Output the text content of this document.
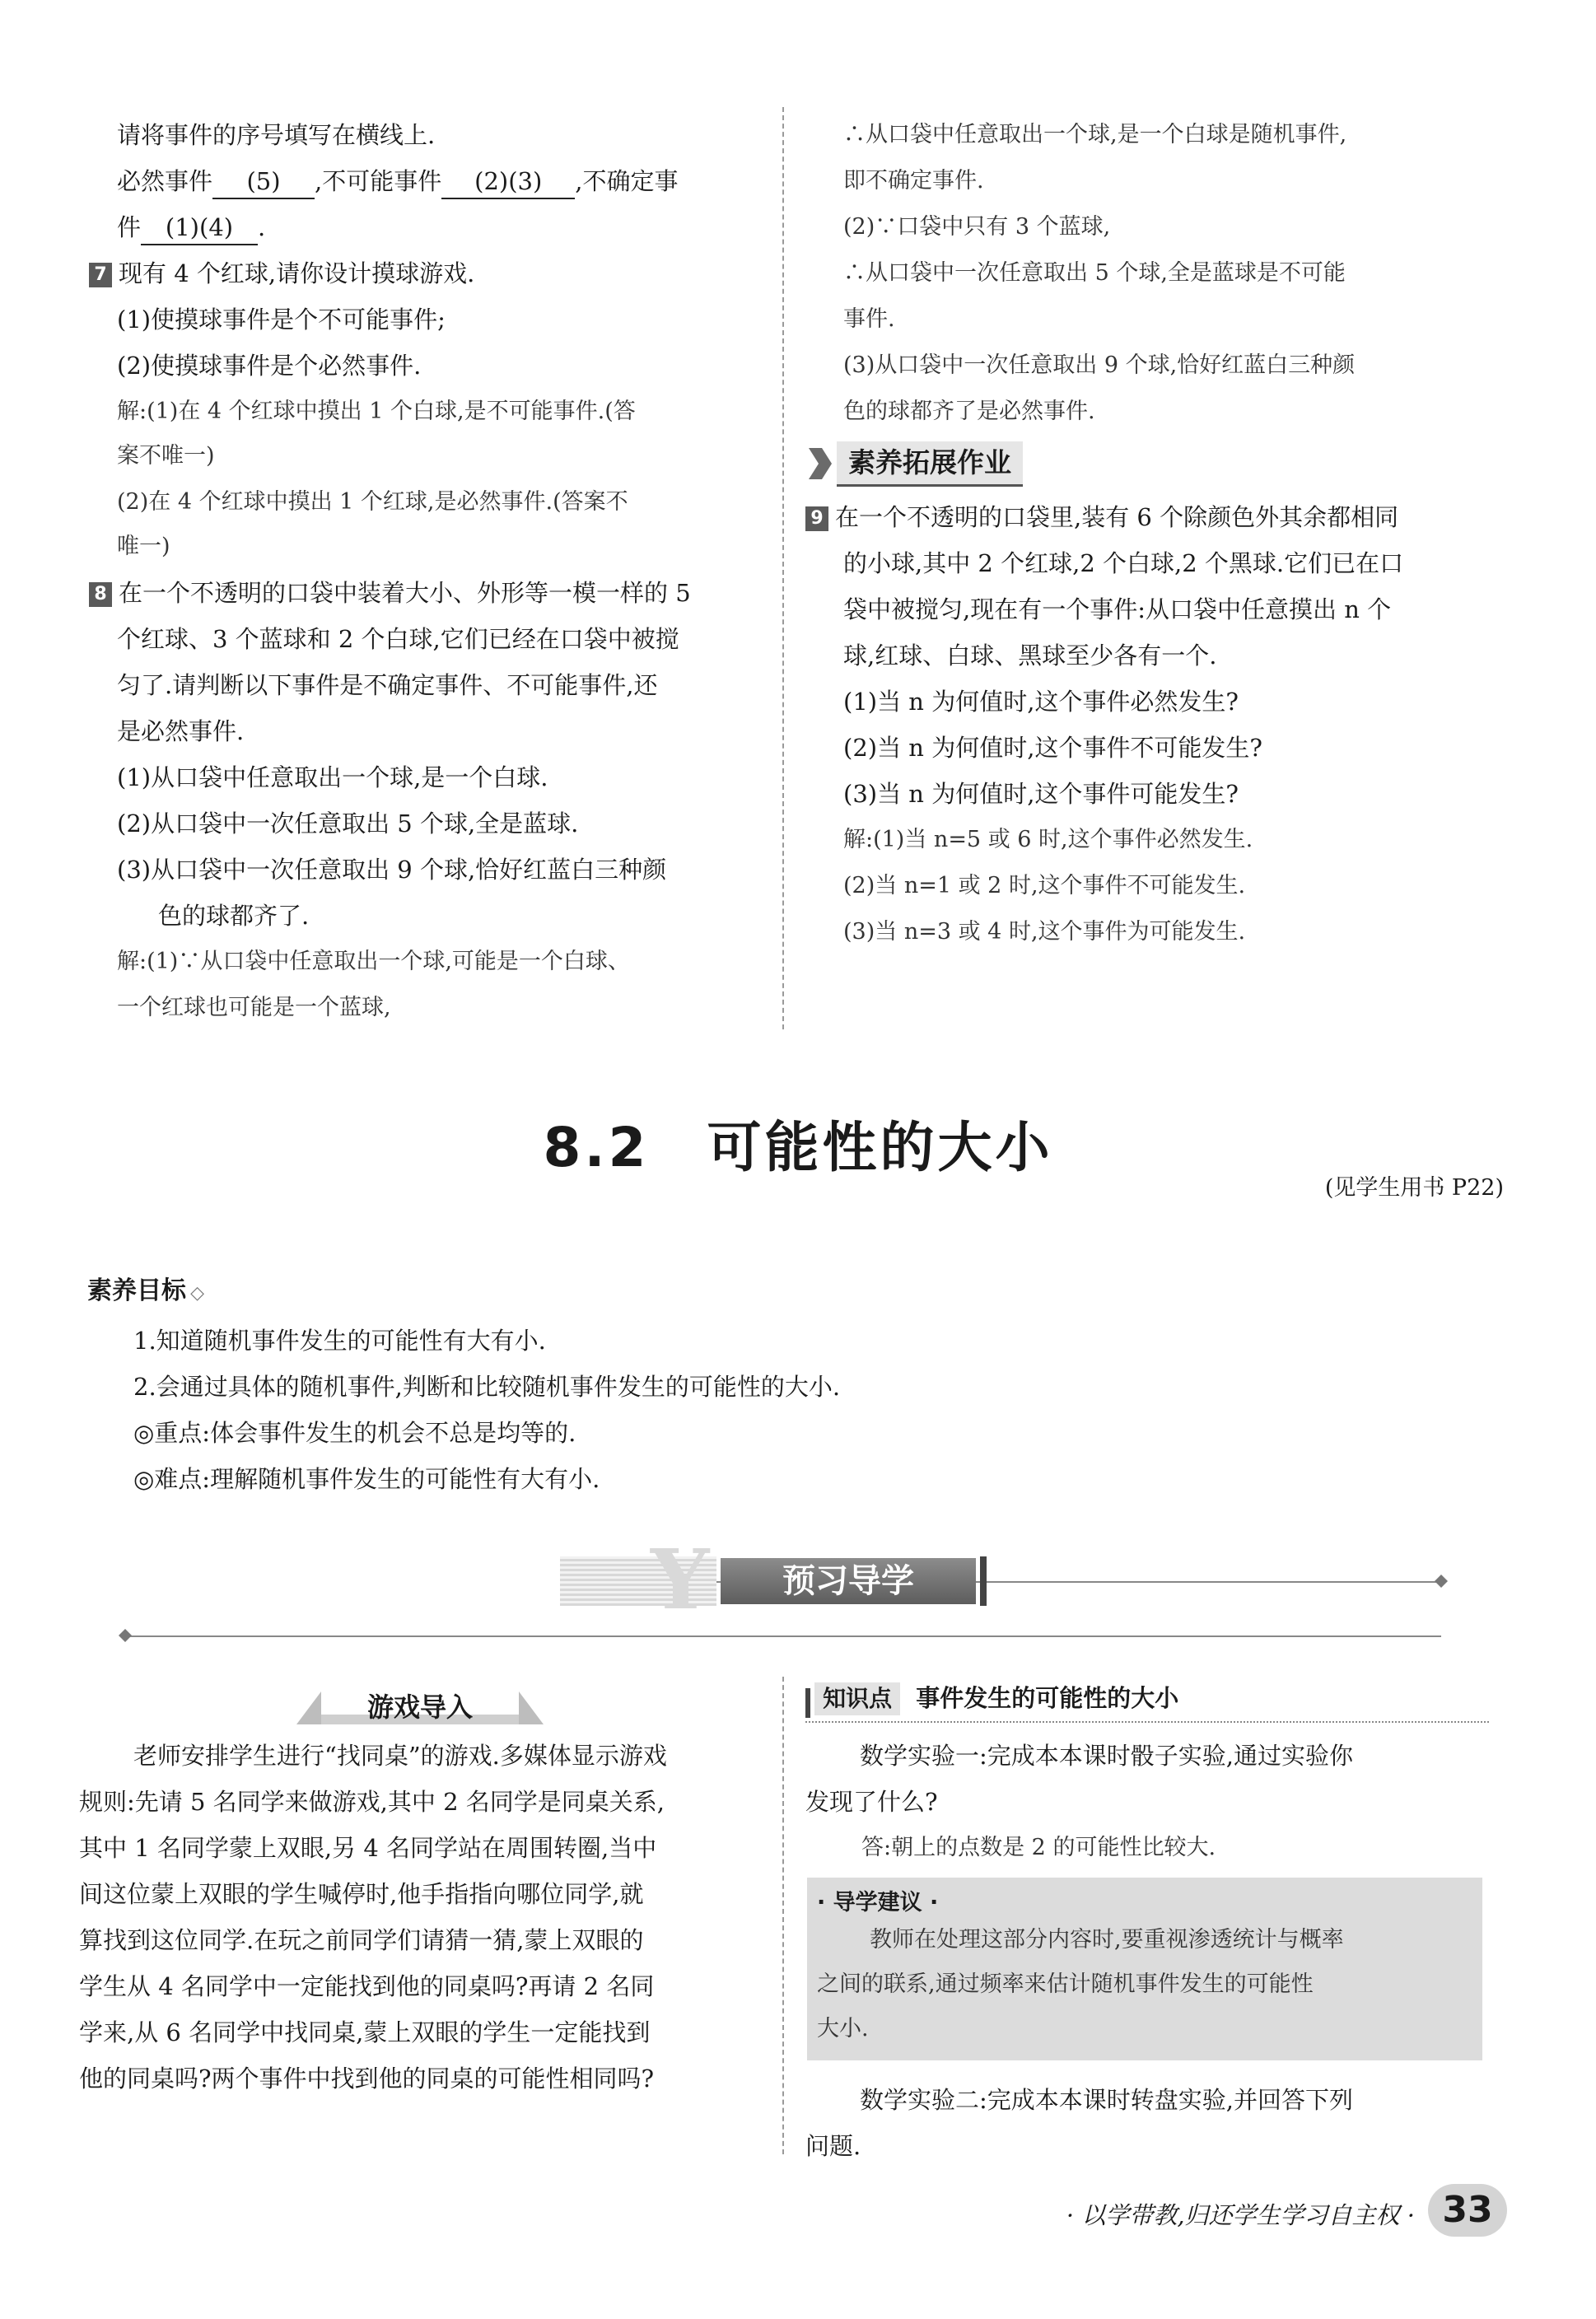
请将事件的序号填写在横线上.
必然事件 (5) ,不可能事件 (2)(3) ,不确定事
件 (1)(4) .
7 现有 4 个红球,请你设计摸球游戏.
(1)使摸球事件是个不可能事件;
(2)使摸球事件是个必然事件.
解:(1)在 4 个红球中摸出 1 个白球,是不可能事件.(答
案不唯一)
(2)在 4 个红球中摸出 1 个红球,是必然事件.(答案不
唯一)
8 在一个不透明的口袋中装着大小、外形等一模一样的 5
个红球、3 个蓝球和 2 个白球,它们已经在口袋中被搅
匀了.请判断以下事件是不确定事件、不可能事件,还
是必然事件.
(1)从口袋中任意取出一个球,是一个白球.
(2)从口袋中一次任意取出 5 个球,全是蓝球.
(3)从口袋中一次任意取出 9 个球,恰好红蓝白三种颜
色的球都齐了.
解:(1)∵从口袋中任意取出一个球,可能是一个白球、
一个红球也可能是一个蓝球,
∴从口袋中任意取出一个球,是一个白球是随机事件,
即不确定事件.
(2)∵口袋中只有 3 个蓝球,
∴从口袋中一次任意取出 5 个球,全是蓝球是不可能
事件.
(3)从口袋中一次任意取出 9 个球,恰好红蓝白三种颜
色的球都齐了是必然事件.
素养拓展作业
9 在一个不透明的口袋里,装有 6 个除颜色外其余都相同
的小球,其中 2 个红球,2 个白球,2 个黑球.它们已在口
袋中被搅匀,现在有一个事件:从口袋中任意摸出 n 个
球,红球、白球、黑球至少各有一个.
(1)当 n 为何值时,这个事件必然发生?
(2)当 n 为何值时,这个事件不可能发生?
(3)当 n 为何值时,这个事件可能发生?
解:(1)当 n=5 或 6 时,这个事件必然发生.
(2)当 n=1 或 2 时,这个事件不可能发生.
(3)当 n=3 或 4 时,这个事件为可能发生.
8.2　可能性的大小
(见学生用书 P22)
素养目标 ◇
1.知道随机事件发生的可能性有大有小.
2.会通过具体的随机事件,判断和比较随机事件发生的可能性的大小.
◎重点:体会事件发生的机会不总是均等的.
◎难点:理解随机事件发生的可能性有大有小.
Y	预习导学
游戏导入
老师安排学生进行“找同桌”的游戏.多媒体显示游戏
规则:先请 5 名同学来做游戏,其中 2 名同学是同桌关系,
其中 1 名同学蒙上双眼,另 4 名同学站在周围转圈,当中
间这位蒙上双眼的学生喊停时,他手指指向哪位同学,就
算找到这位同学.在玩之前同学们请猜一猜,蒙上双眼的
学生从 4 名同学中一定能找到他的同桌吗?再请 2 名同
学来,从 6 名同学中找同桌,蒙上双眼的学生一定能找到
他的同桌吗?两个事件中找到他的同桌的可能性相同吗?
知识点 事件发生的可能性的大小
数学实验一:完成本本课时骰子实验,通过实验你
发现了什么?
答:朝上的点数是 2 的可能性比较大.
· 导学建议 ·
教师在处理这部分内容时,要重视渗透统计与概率
之间的联系,通过频率来估计随机事件发生的可能性
大小.
数学实验二:完成本本课时转盘实验,并回答下列
问题.
· 以学带教,归还学生学习自主权 · 33
